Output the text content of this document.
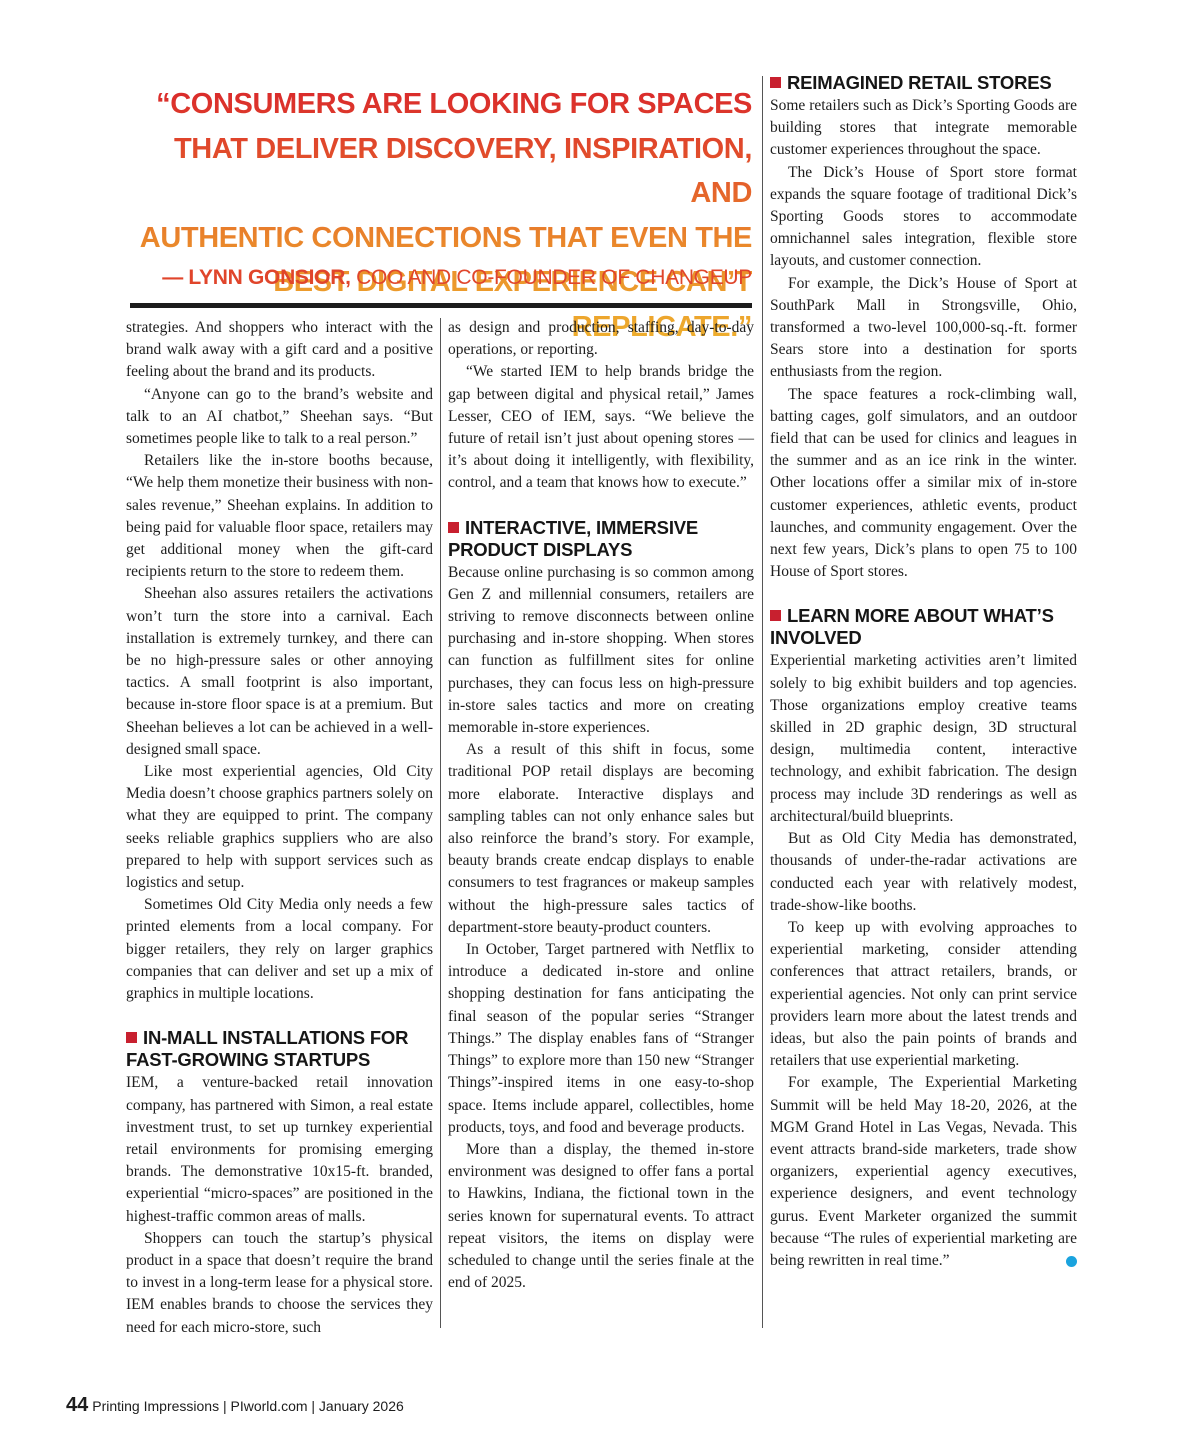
“CONSUMERS ARE LOOKING FOR SPACES
THAT DELIVER DISCOVERY, INSPIRATION, AND
AUTHENTIC CONNECTIONS THAT EVEN THE
BEST DIGITAL EXPERIENCE CAN’T REPLICATE.”
— LYNN GONSIOR, COO AND CO-FOUNDER OF CHANGEUP

strategies. And shoppers who interact with the brand walk away with a gift card and a positive feeling about the brand and its products.

“Anyone can go to the brand’s website and talk to an AI chatbot,” Sheehan says. “But sometimes people like to talk to a real person.”

Retailers like the in-store booths because, “We help them monetize their business with non-sales revenue,” Sheehan explains. In addition to being paid for valuable floor space, retailers may get additional money when the gift-card recipients return to the store to redeem them.

Sheehan also assures retailers the activations won’t turn the store into a carnival. Each installation is extremely turnkey, and there can be no high-pressure sales or other annoying tactics. A small footprint is also important, because in-store floor space is at a premium. But Sheehan believes a lot can be achieved in a well-designed small space.

Like most experiential agencies, Old City Media doesn’t choose graphics partners solely on what they are equipped to print. The company seeks reliable graphics suppliers who are also prepared to help with support services such as logistics and setup.

Sometimes Old City Media only needs a few printed elements from a local company. For bigger retailers, they rely on larger graphics companies that can deliver and set up a mix of graphics in multiple locations.

IN-MALL INSTALLATIONS FOR FAST-GROWING STARTUPS

IEM, a venture-backed retail innovation company, has partnered with Simon, a real estate investment trust, to set up turnkey experiential retail environments for promising emerging brands. The demonstrative 10x15-ft. branded, experiential “micro-spaces” are positioned in the highest-traffic common areas of malls.

Shoppers can touch the startup’s physical product in a space that doesn’t require the brand to invest in a long-term lease for a physical store. IEM enables brands to choose the services they need for each micro-store, such

as design and production, staffing, day-to-day operations, or reporting.

“We started IEM to help brands bridge the gap between digital and physical retail,” James Lesser, CEO of IEM, says. “We believe the future of retail isn’t just about opening stores — it’s about doing it intelligently, with flexibility, control, and a team that knows how to execute.”

INTERACTIVE, IMMERSIVE PRODUCT DISPLAYS

Because online purchasing is so common among Gen Z and millennial consumers, retailers are striving to remove disconnects between online purchasing and in-store shopping. When stores can function as fulfillment sites for online purchases, they can focus less on high-pressure in-store sales tactics and more on creating memorable in-store experiences.

As a result of this shift in focus, some traditional POP retail displays are becoming more elaborate. Interactive displays and sampling tables can not only enhance sales but also reinforce the brand’s story. For example, beauty brands create endcap displays to enable consumers to test fragrances or makeup samples without the high-pressure sales tactics of department-store beauty-product counters.

In October, Target partnered with Netflix to introduce a dedicated in-store and online shopping destination for fans anticipating the final season of the popular series “Stranger Things.” The display enables fans of “Stranger Things” to explore more than 150 new “Stranger Things”-inspired items in one easy-to-shop space. Items include apparel, collectibles, home products, toys, and food and beverage products.

More than a display, the themed in-store environment was designed to offer fans a portal to Hawkins, Indiana, the fictional town in the series known for supernatural events. To attract repeat visitors, the items on display were scheduled to change until the series finale at the end of 2025.

REIMAGINED RETAIL STORES

Some retailers such as Dick’s Sporting Goods are building stores that integrate memorable customer experiences throughout the space.

The Dick’s House of Sport store format expands the square footage of traditional Dick’s Sporting Goods stores to accommodate omnichannel sales integration, flexible store layouts, and customer connection.

For example, the Dick’s House of Sport at SouthPark Mall in Strongsville, Ohio, transformed a two-level 100,000-sq.-ft. former Sears store into a destination for sports enthusiasts from the region.

The space features a rock-climbing wall, batting cages, golf simulators, and an outdoor field that can be used for clinics and leagues in the summer and as an ice rink in the winter. Other locations offer a similar mix of in-store customer experiences, athletic events, product launches, and community engagement. Over the next few years, Dick’s plans to open 75 to 100 House of Sport stores.

LEARN MORE ABOUT WHAT’S INVOLVED

Experiential marketing activities aren’t limited solely to big exhibit builders and top agencies. Those organizations employ creative teams skilled in 2D graphic design, 3D structural design, multimedia content, interactive technology, and exhibit fabrication. The design process may include 3D renderings as well as architectural/build blueprints.

But as Old City Media has demonstrated, thousands of under-the-radar activations are conducted each year with relatively modest, trade-show-like booths.

To keep up with evolving approaches to experiential marketing, consider attending conferences that attract retailers, brands, or experiential agencies. Not only can print service providers learn more about the latest trends and ideas, but also the pain points of brands and retailers that use experiential marketing.

For example, The Experiential Marketing Summit will be held May 18-20, 2026, at the MGM Grand Hotel in Las Vegas, Nevada. This event attracts brand-side marketers, trade show organizers, experiential agency executives, experience designers, and event technology gurus. Event Marketer organized the summit because “The rules of experiential marketing are being rewritten in real time.”

44 Printing Impressions | PIworld.com | January 2026
